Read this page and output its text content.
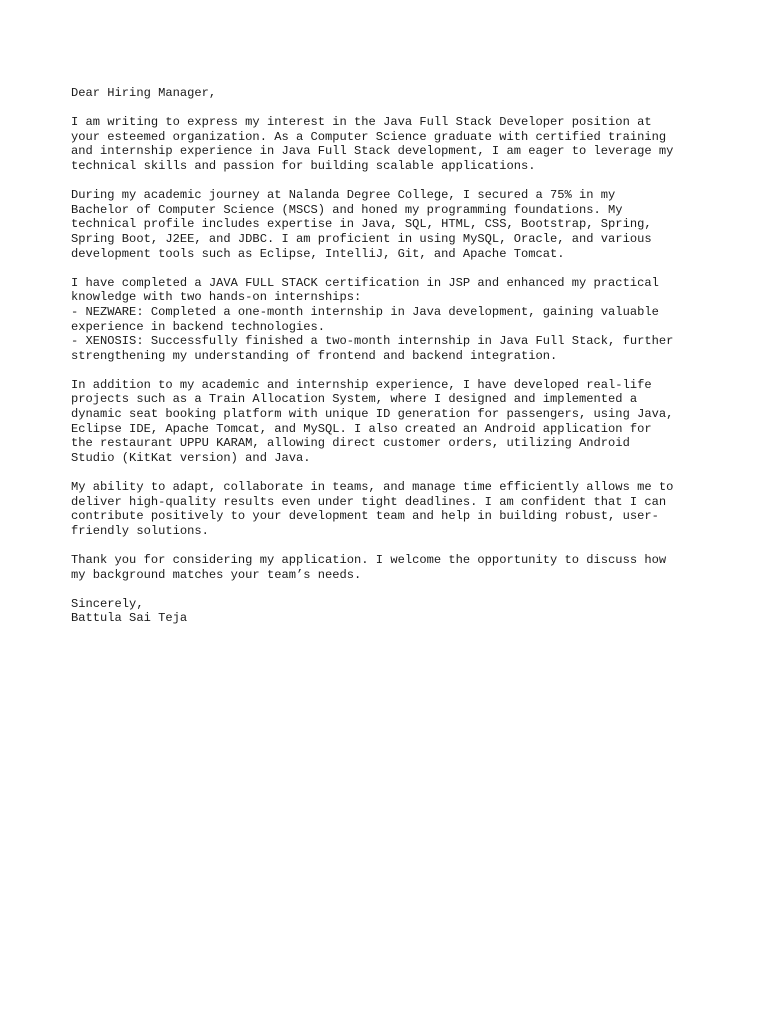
Dear Hiring Manager,
I am writing to express my interest in the Java Full Stack Developer position at
your esteemed organization. As a Computer Science graduate with certified training
and internship experience in Java Full Stack development, I am eager to leverage my
technical skills and passion for building scalable applications.
During my academic journey at Nalanda Degree College, I secured a 75% in my
Bachelor of Computer Science (MSCS) and honed my programming foundations. My
technical profile includes expertise in Java, SQL, HTML, CSS, Bootstrap, Spring,
Spring Boot, J2EE, and JDBC. I am proficient in using MySQL, Oracle, and various
development tools such as Eclipse, IntelliJ, Git, and Apache Tomcat.
I have completed a JAVA FULL STACK certification in JSP and enhanced my practical
knowledge with two hands-on internships:
- NEZWARE: Completed a one-month internship in Java development, gaining valuable
experience in backend technologies.
- XENOSIS: Successfully finished a two-month internship in Java Full Stack, further
strengthening my understanding of frontend and backend integration.
In addition to my academic and internship experience, I have developed real-life
projects such as a Train Allocation System, where I designed and implemented a
dynamic seat booking platform with unique ID generation for passengers, using Java,
Eclipse IDE, Apache Tomcat, and MySQL. I also created an Android application for
the restaurant UPPU KARAM, allowing direct customer orders, utilizing Android
Studio (KitKat version) and Java.
My ability to adapt, collaborate in teams, and manage time efficiently allows me to
deliver high-quality results even under tight deadlines. I am confident that I can
contribute positively to your development team and help in building robust, user-
friendly solutions.
Thank you for considering my application. I welcome the opportunity to discuss how
my background matches your team’s needs.
Sincerely,
Battula Sai Teja
